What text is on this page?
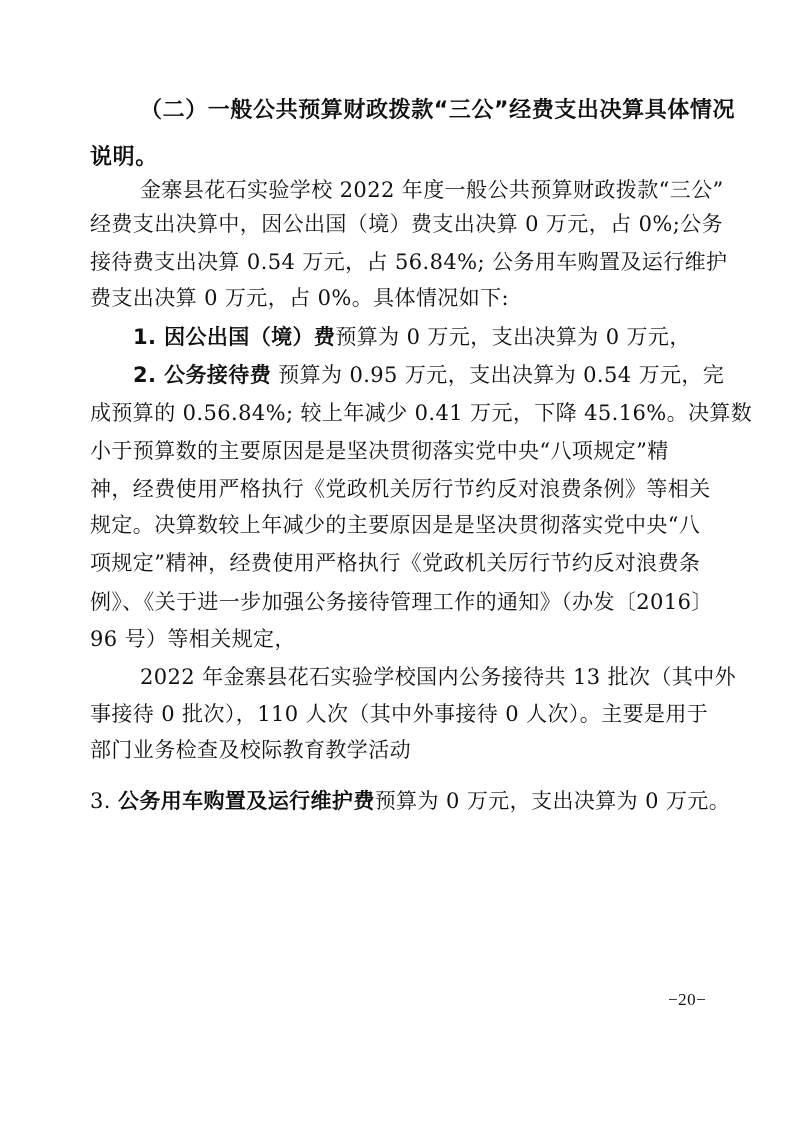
（二）一般公共预算财政拨款“三公”经费支出决算具体情况
说明。
金寨县花石实验学校 2022 年度一般公共预算财政拨款“三公”
经费支出决算中，因公出国（境）费支出决算 0 万元，占 0%;公务
接待费支出决算 0.54 万元，占 56.84%; 公务用车购置及运行维护
费支出决算 0 万元，占 0%。具体情况如下:
1. 因公出国（境）费预算为 0 万元，支出决算为 0 万元，
2. 公务接待费 预算为 0.95 万元，支出决算为 0.54 万元，完
成预算的 0.56.84%; 较上年减少 0.41 万元，下降 45.16%。决算数
小于预算数的主要原因是是坚决贯彻落实党中央“八项规定”精
神，经费使用严格执行《党政机关厉行节约反对浪费条例》等相关
规定。决算数较上年减少的主要原因是是坚决贯彻落实党中央“八
项规定”精神，经费使用严格执行《党政机关厉行节约反对浪费条
例》、《关于进一步加强公务接待管理工作的通知》（办发〔2016〕
96 号）等相关规定，
2022 年金寨县花石实验学校国内公务接待共 13 批次（其中外
事接待 0 批次），110 人次（其中外事接待 0 人次）。主要是用于
部门业务检查及校际教育教学活动
3. 公务用车购置及运行维护费预算为 0 万元，支出决算为 0 万元。
−20−
